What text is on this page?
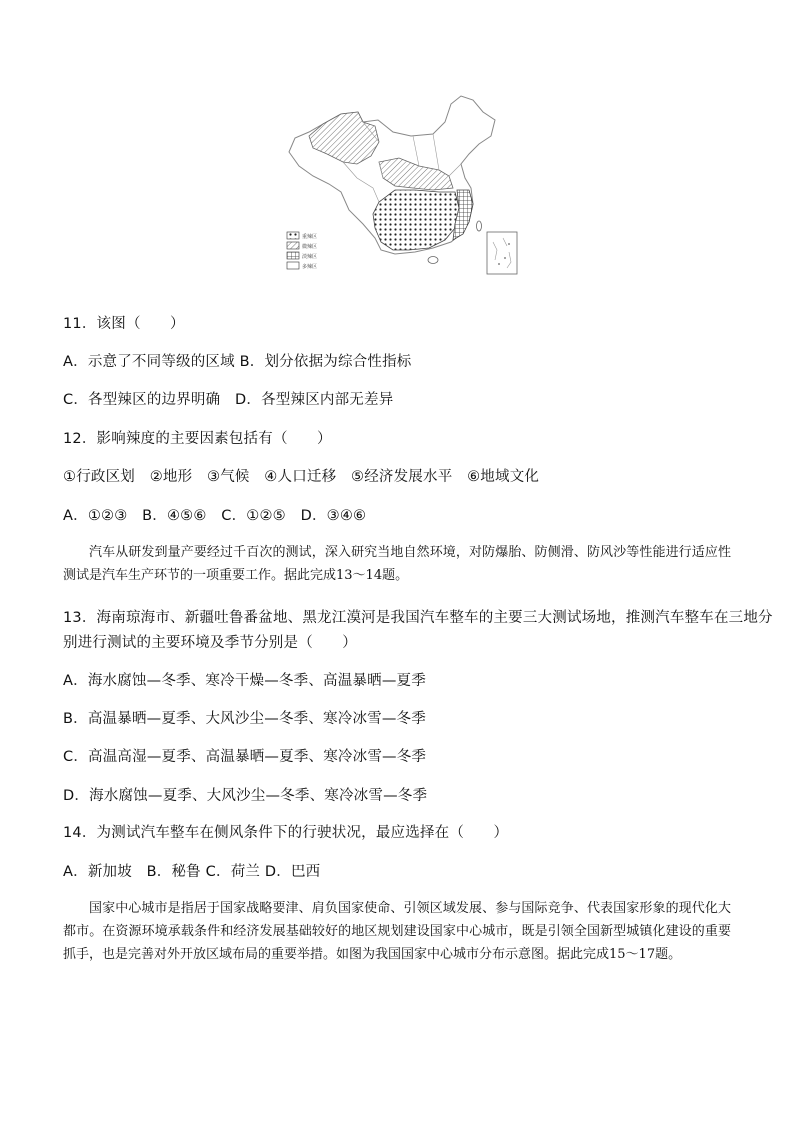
重辣区
微辣区
淡辣区
多辣区
11．该图（　　）
A．示意了不同等级的区域 B．划分依据为综合性指标
C．各型辣区的边界明确　D．各型辣区内部无差异
12．影响辣度的主要因素包括有（　　）
①行政区划　②地形　③气候　④人口迁移　⑤经济发展水平　⑥地域文化
A．①②③　B．④⑤⑥　C．①②⑤　D．③④⑥
汽车从研发到量产要经过千百次的测试，深入研究当地自然环境，对防爆胎、防侧滑、防风沙等性能进行适应性测试是汽车生产环节的一项重要工作。据此完成13～14题。
13．海南琼海市、新疆吐鲁番盆地、黑龙江漠河是我国汽车整车的主要三大测试场地，推测汽车整车在三地分
别进行测试的主要环境及季节分别是（　　）
A．海水腐蚀—冬季、寒冷干燥—冬季、高温暴晒—夏季
B．高温暴晒—夏季、大风沙尘—冬季、寒冷冰雪—冬季
C．高温高湿—夏季、高温暴晒—夏季、寒冷冰雪—冬季
D．海水腐蚀—夏季、大风沙尘—冬季、寒冷冰雪—冬季
14．为测试汽车整车在侧风条件下的行驶状况，最应选择在（　　）
A．新加坡　B．秘鲁 C．荷兰 D．巴西
国家中心城市是指居于国家战略要津、肩负国家使命、引领区域发展、参与国际竞争、代表国家形象的现代化大都市。在资源环境承载条件和经济发展基础较好的地区规划建设国家中心城市，既是引领全国新型城镇化建设的重要抓手，也是完善对外开放区域布局的重要举措。如图为我国国家中心城市分布示意图。据此完成15～17题。
